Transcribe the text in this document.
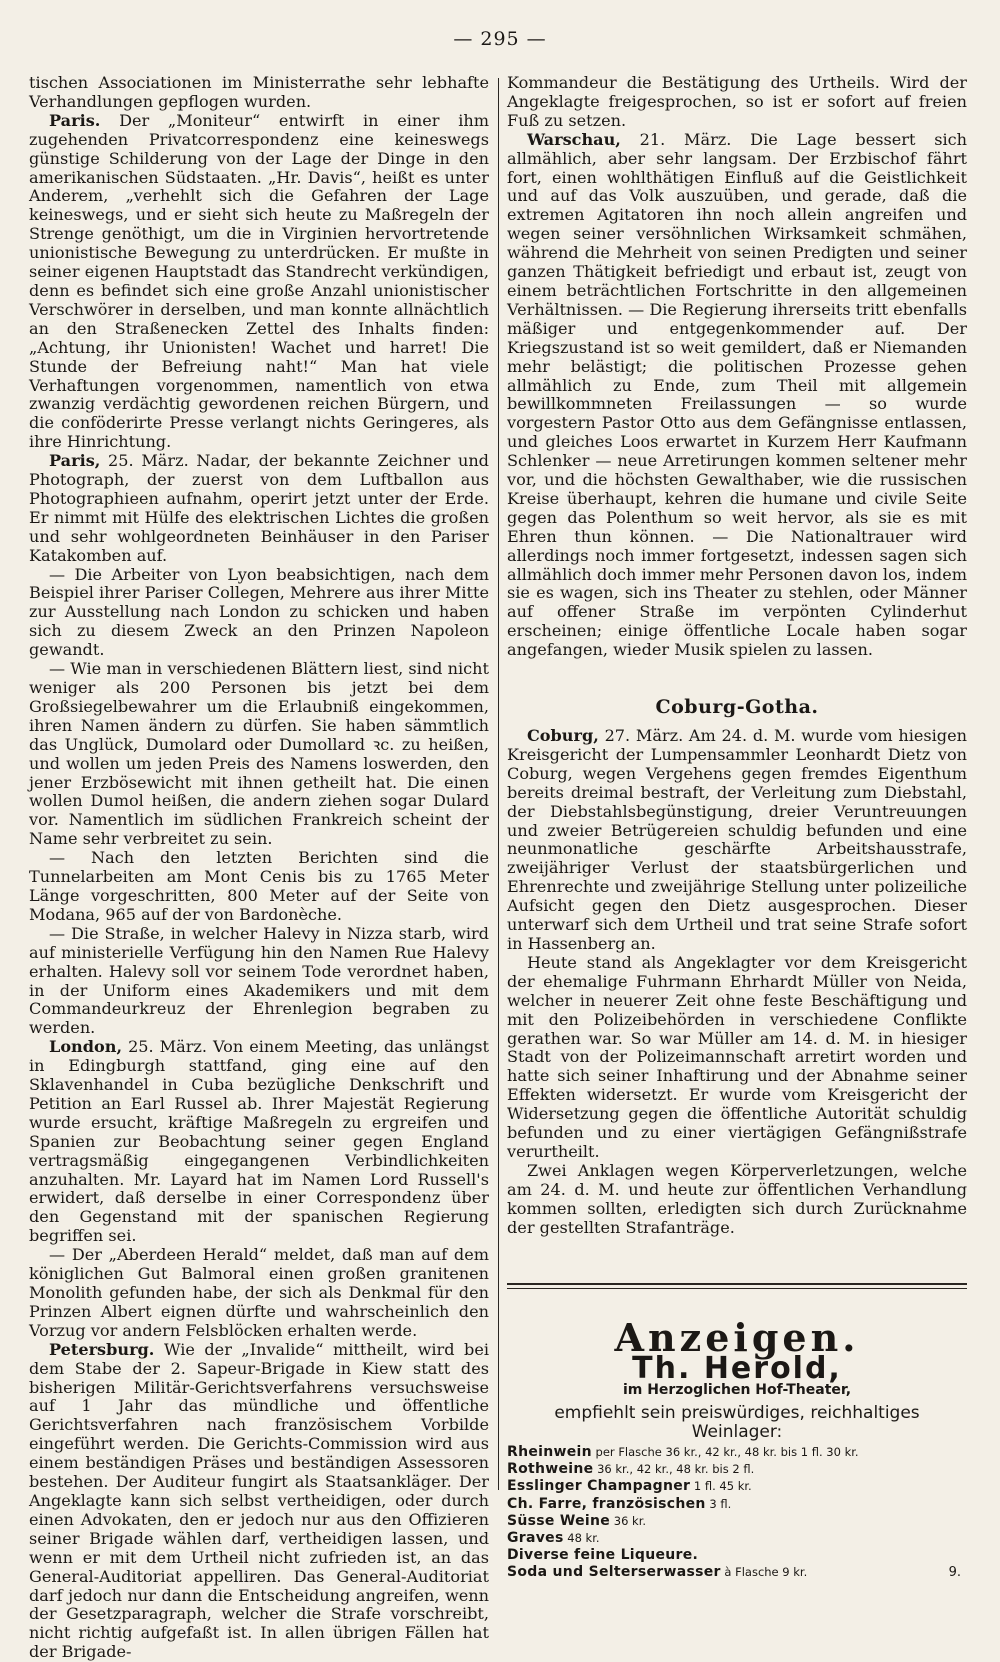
— 295 —

tischen Associationen im Ministerrathe sehr lebhafte Verhandlungen gepflogen wurden.

Paris. Der „Moniteur“ entwirft in einer ihm zugehenden Privatcorrespondenz eine keineswegs günstige Schilderung von der Lage der Dinge in den amerikanischen Südstaaten. „Hr. Davis“, heißt es unter Anderem, „verhehlt sich die Gefahren der Lage keineswegs, und er sieht sich heute zu Maßregeln der Strenge genöthigt, um die in Virginien hervortretende unionistische Bewegung zu unterdrücken. Er mußte in seiner eigenen Hauptstadt das Standrecht verkündigen, denn es befindet sich eine große Anzahl unionistischer Verschwörer in derselben, und man konnte allnächtlich an den Straßenecken Zettel des Inhalts finden: „Achtung, ihr Unionisten! Wachet und harret! Die Stunde der Befreiung naht!“ Man hat viele Verhaftungen vorgenommen, namentlich von etwa zwanzig verdächtig gewordenen reichen Bürgern, und die conföderirte Presse verlangt nichts Geringeres, als ihre Hinrichtung.

Paris, 25. März. Nadar, der bekannte Zeichner und Photograph, der zuerst von dem Luftballon aus Photographieen aufnahm, operirt jetzt unter der Erde. Er nimmt mit Hülfe des elektrischen Lichtes die großen und sehr wohlgeordneten Beinhäuser in den Pariser Katakomben auf.

— Die Arbeiter von Lyon beabsichtigen, nach dem Beispiel ihrer Pariser Collegen, Mehrere aus ihrer Mitte zur Ausstellung nach London zu schicken und haben sich zu diesem Zweck an den Prinzen Napoleon gewandt.

— Wie man in verschiedenen Blättern liest, sind nicht weniger als 200 Personen bis jetzt bei dem Großsiegelbewahrer um die Erlaubniß eingekommen, ihren Namen ändern zu dürfen. Sie haben sämmtlich das Unglück, Dumolard oder Dumollard ꝛc. zu heißen, und wollen um jeden Preis des Namens loswerden, den jener Erzbösewicht mit ihnen getheilt hat. Die einen wollen Dumol heißen, die andern ziehen sogar Dulard vor. Namentlich im südlichen Frankreich scheint der Name sehr verbreitet zu sein.

— Nach den letzten Berichten sind die Tunnelarbeiten am Mont Cenis bis zu 1765 Meter Länge vorgeschritten, 800 Meter auf der Seite von Modana, 965 auf der von Bardonèche.

— Die Straße, in welcher Halevy in Nizza starb, wird auf ministerielle Verfügung hin den Namen Rue Halevy erhalten. Halevy soll vor seinem Tode verordnet haben, in der Uniform eines Akademikers und mit dem Commandeurkreuz der Ehrenlegion begraben zu werden.

London, 25. März. Von einem Meeting, das unlängst in Edingburgh stattfand, ging eine auf den Sklavenhandel in Cuba bezügliche Denkschrift und Petition an Earl Russel ab. Ihrer Majestät Regierung wurde ersucht, kräftige Maßregeln zu ergreifen und Spanien zur Beobachtung seiner gegen England vertragsmäßig eingegangenen Verbindlichkeiten anzuhalten. Mr. Layard hat im Namen Lord Russell's erwidert, daß derselbe in einer Correspondenz über den Gegenstand mit der spanischen Regierung begriffen sei.

— Der „Aberdeen Herald“ meldet, daß man auf dem königlichen Gut Balmoral einen großen granitenen Monolith gefunden habe, der sich als Denkmal für den Prinzen Albert eignen dürfte und wahrscheinlich den Vorzug vor andern Felsblöcken erhalten werde.

Petersburg. Wie der „Invalide“ mittheilt, wird bei dem Stabe der 2. Sapeur-Brigade in Kiew statt des bisherigen Militär-Gerichtsverfahrens versuchsweise auf 1 Jahr das mündliche und öffentliche Gerichtsverfahren nach französischem Vorbilde eingeführt werden. Die Gerichts-Commission wird aus einem beständigen Präses und beständigen Assessoren bestehen. Der Auditeur fungirt als Staatsankläger. Der Angeklagte kann sich selbst vertheidigen, oder durch einen Advokaten, den er jedoch nur aus den Offizieren seiner Brigade wählen darf, vertheidigen lassen, und wenn er mit dem Urtheil nicht zufrieden ist, an das General-Auditoriat appelliren. Das General-Auditoriat darf jedoch nur dann die Entscheidung angreifen, wenn der Gesetzparagraph, welcher die Strafe vorschreibt, nicht richtig aufgefaßt ist. In allen übrigen Fällen hat der Brigade-

Kommandeur die Bestätigung des Urtheils. Wird der Angeklagte freigesprochen, so ist er sofort auf freien Fuß zu setzen.

Warschau, 21. März. Die Lage bessert sich allmählich, aber sehr langsam. Der Erzbischof fährt fort, einen wohlthätigen Einfluß auf die Geistlichkeit und auf das Volk auszuüben, und gerade, daß die extremen Agitatoren ihn noch allein angreifen und wegen seiner versöhnlichen Wirksamkeit schmähen, während die Mehrheit von seinen Predigten und seiner ganzen Thätigkeit befriedigt und erbaut ist, zeugt von einem beträchtlichen Fortschritte in den allgemeinen Verhältnissen. — Die Regierung ihrerseits tritt ebenfalls mäßiger und entgegenkommender auf. Der Kriegszustand ist so weit gemildert, daß er Niemanden mehr belästigt; die politischen Prozesse gehen allmählich zu Ende, zum Theil mit allgemein bewillkommneten Freilassungen — so wurde vorgestern Pastor Otto aus dem Gefängnisse entlassen, und gleiches Loos erwartet in Kurzem Herr Kaufmann Schlenker — neue Arretirungen kommen seltener mehr vor, und die höchsten Gewalthaber, wie die russischen Kreise überhaupt, kehren die humane und civile Seite gegen das Polenthum so weit hervor, als sie es mit Ehren thun können. — Die Nationaltrauer wird allerdings noch immer fortgesetzt, indessen sagen sich allmählich doch immer mehr Personen davon los, indem sie es wagen, sich ins Theater zu stehlen, oder Männer auf offener Straße im verpönten Cylinderhut erscheinen; einige öffentliche Locale haben sogar angefangen, wieder Musik spielen zu lassen.

Coburg-Gotha.

Coburg, 27. März. Am 24. d. M. wurde vom hiesigen Kreisgericht der Lumpensammler Leonhardt Dietz von Coburg, wegen Vergehens gegen fremdes Eigenthum bereits dreimal bestraft, der Verleitung zum Diebstahl, der Diebstahlsbegünstigung, dreier Veruntreuungen und zweier Betrügereien schuldig befunden und eine neunmonatliche geschärfte Arbeitshausstrafe, zweijähriger Verlust der staatsbürgerlichen und Ehrenrechte und zweijährige Stellung unter polizeiliche Aufsicht gegen den Dietz ausgesprochen. Dieser unterwarf sich dem Urtheil und trat seine Strafe sofort in Hassenberg an.

Heute stand als Angeklagter vor dem Kreisgericht der ehemalige Fuhrmann Ehrhardt Müller von Neida, welcher in neuerer Zeit ohne feste Beschäftigung und mit den Polizeibehörden in verschiedene Conflikte gerathen war. So war Müller am 14. d. M. in hiesiger Stadt von der Polizeimannschaft arretirt worden und hatte sich seiner Inhaftirung und der Abnahme seiner Effekten widersetzt. Er wurde vom Kreisgericht der Widersetzung gegen die öffentliche Autorität schuldig befunden und zu einer viertägigen Gefängnißstrafe verurtheilt.

Zwei Anklagen wegen Körperverletzungen, welche am 24. d. M. und heute zur öffentlichen Verhandlung kommen sollten, erledigten sich durch Zurücknahme der gestellten Strafanträge.

Anzeigen.
Th. Herold,
im Herzoglichen Hof-Theater,
empfiehlt sein preiswürdiges, reichhaltiges Weinlager:
Rheinwein per Flasche 36 kr., 42 kr., 48 kr. bis 1 fl. 30 kr.
Rothweine 36 kr., 42 kr., 48 kr. bis 2 fl.
Esslinger Champagner 1 fl. 45 kr.
Ch. Farre, französischen 3 fl.
Süsse Weine 36 kr.
Graves 48 kr.
Diverse feine Liqueure.
Soda und Selterserwasser à Flasche 9 kr.	9.
